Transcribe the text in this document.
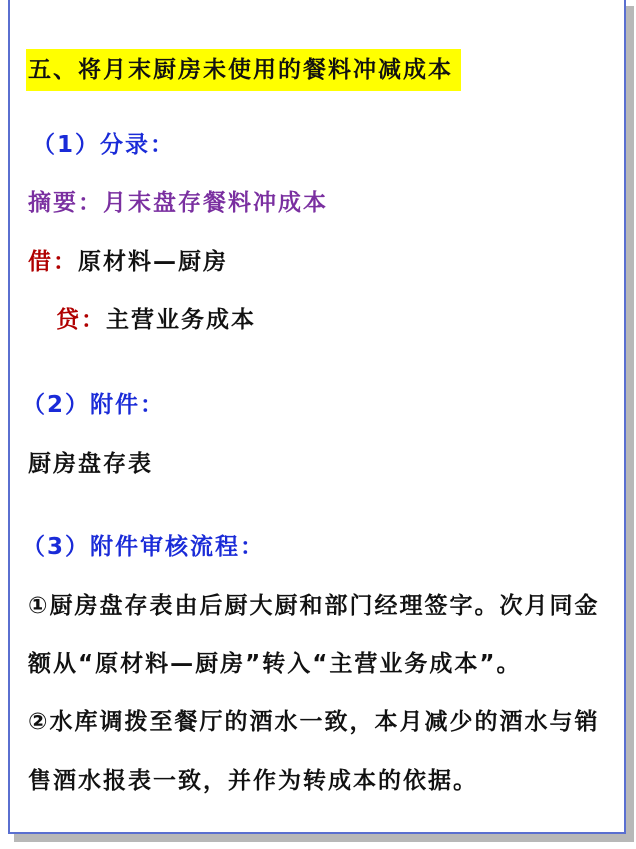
五、将月末厨房未使用的餐料冲减成本
（1）分录：
摘要：月末盘存餐料冲成本
借：原材料—厨房
贷：主营业务成本
（2）附件：
厨房盘存表
（3）附件审核流程：
①厨房盘存表由后厨大厨和部门经理签字。次月同金
额从“原材料—厨房”转入“主营业务成本”。
②水库调拨至餐厅的酒水一致，本月减少的酒水与销
售酒水报表一致，并作为转成本的依据。
